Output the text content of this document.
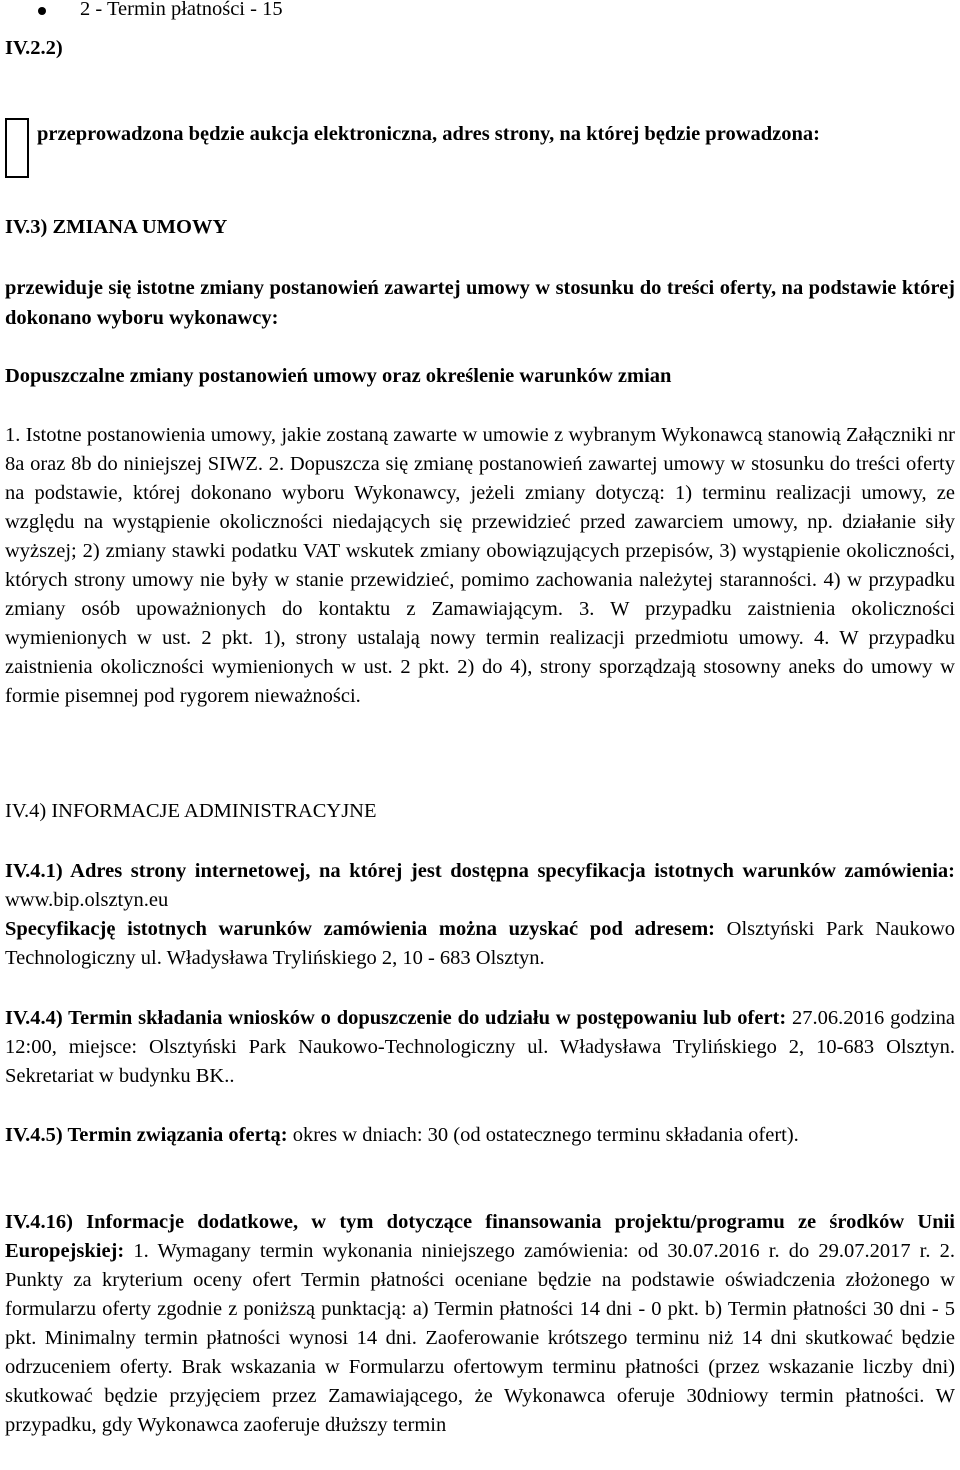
2 - Termin płatności - 15

IV.2.2)

przeprowadzona będzie aukcja elektroniczna, adres strony, na której będzie prowadzona:

IV.3) ZMIANA UMOWY

przewiduje się istotne zmiany postanowień zawartej umowy w stosunku do treści oferty, na podstawie której dokonano wyboru wykonawcy:

Dopuszczalne zmiany postanowień umowy oraz określenie warunków zmian

1. Istotne postanowienia umowy, jakie zostaną zawarte w umowie z wybranym Wykonawcą stanowią Załączniki nr 8a oraz 8b do niniejszej SIWZ. 2. Dopuszcza się zmianę postanowień zawartej umowy w stosunku do treści oferty na podstawie, której dokonano wyboru Wykonawcy, jeżeli zmiany dotyczą: 1) terminu realizacji umowy, ze względu na wystąpienie okoliczności niedających się przewidzieć przed zawarciem umowy, np. działanie siły wyższej; 2) zmiany stawki podatku VAT wskutek zmiany obowiązujących przepisów, 3) wystąpienie okoliczności, których strony umowy nie były w stanie przewidzieć, pomimo zachowania należytej staranności. 4) w przypadku zmiany osób upoważnionych do kontaktu z Zamawiającym. 3. W przypadku zaistnienia okoliczności wymienionych w ust. 2 pkt. 1), strony ustalają nowy termin realizacji przedmiotu umowy. 4. W przypadku zaistnienia okoliczności wymienionych w ust. 2 pkt. 2) do 4), strony sporządzają stosowny aneks do umowy w formie pisemnej pod rygorem nieważności.

IV.4) INFORMACJE ADMINISTRACYJNE

IV.4.1) Adres strony internetowej, na której jest dostępna specyfikacja istotnych warunków zamówienia: www.bip.olsztyn.eu
Specyfikację istotnych warunków zamówienia można uzyskać pod adresem: Olsztyński Park Naukowo Technologiczny ul. Władysława Trylińskiego 2, 10 - 683 Olsztyn.

IV.4.4) Termin składania wniosków o dopuszczenie do udziału w postępowaniu lub ofert: 27.06.2016 godzina 12:00, miejsce: Olsztyński Park Naukowo-Technologiczny ul. Władysława Trylińskiego 2, 10-683 Olsztyn. Sekretariat w budynku BK..

IV.4.5) Termin związania ofertą: okres w dniach: 30 (od ostatecznego terminu składania ofert).

IV.4.16) Informacje dodatkowe, w tym dotyczące finansowania projektu/programu ze środków Unii Europejskiej: 1. Wymagany termin wykonania niniejszego zamówienia: od 30.07.2016 r. do 29.07.2017 r. 2. Punkty za kryterium oceny ofert Termin płatności oceniane będzie na podstawie oświadczenia złożonego w formularzu oferty zgodnie z poniższą punktacją: a) Termin płatności 14 dni - 0 pkt. b) Termin płatności 30 dni - 5 pkt. Minimalny termin płatności wynosi 14 dni. Zaoferowanie krótszego terminu niż 14 dni skutkować będzie odrzuceniem oferty. Brak wskazania w Formularzu ofertowym terminu płatności (przez wskazanie liczby dni) skutkować będzie przyjęciem przez Zamawiającego, że Wykonawca oferuje 30dniowy termin płatności. W przypadku, gdy Wykonawca zaoferuje dłuższy termin
